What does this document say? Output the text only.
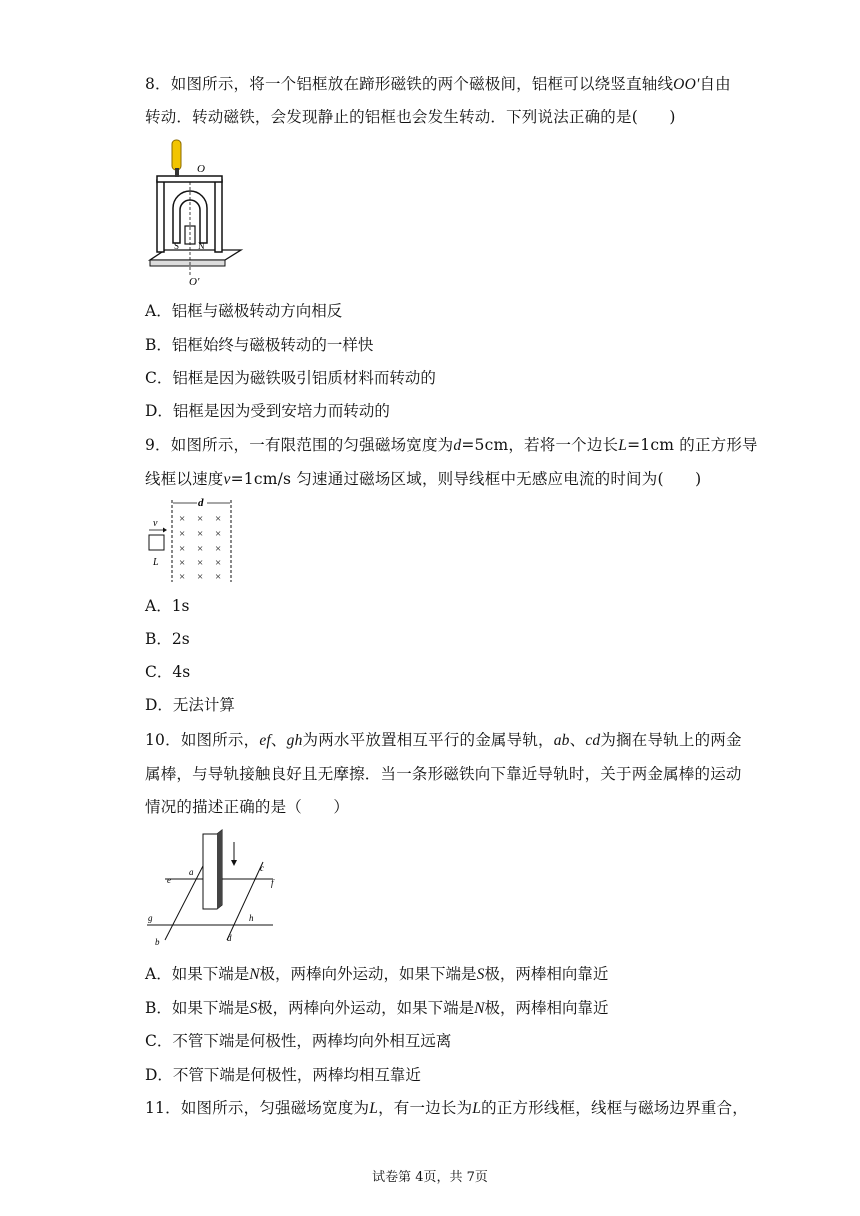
8．如图所示，将一个铝框放在蹄形磁铁的两个磁极间，铝框可以绕竖直轴线OO'自由
转动．转动磁铁，会发现静止的铝框也会发生转动．下列说法正确的是(　　)
O
O'
S N
A．铝框与磁极转动方向相反
B．铝框始终与磁极转动的一样快
C．铝框是因为磁铁吸引铝质材料而转动的
D．铝框是因为受到安培力而转动的
9．如图所示，一有限范围的匀强磁场宽度为d=5cm，若将一个边长L=1cm 的正方形导
线框以速度v=1cm/s 匀速通过磁场区域，则导线框中无感应电流的时间为(　　)
d
v
L
× × ×
× × ×
× × ×
× × ×
× × ×
A．1s
B．2s
C．4s
D．无法计算
10．如图所示，ef、gh为两水平放置相互平行的金属导轨，ab、cd为搁在导轨上的两金
属棒，与导轨接触良好且无摩擦．当一条形磁铁向下靠近导轨时，关于两金属棒的运动
情况的描述正确的是（　　）
a	c
e	f
g	h
b	d
A．如果下端是N极，两棒向外运动，如果下端是S极，两棒相向靠近
B．如果下端是S极，两棒向外运动，如果下端是N极，两棒相向靠近
C．不管下端是何极性，两棒均向外相互远离
D．不管下端是何极性，两棒均相互靠近
11．如图所示，匀强磁场宽度为L，有一边长为L的正方形线框，线框与磁场边界重合，
试卷第 4页，共 7页
